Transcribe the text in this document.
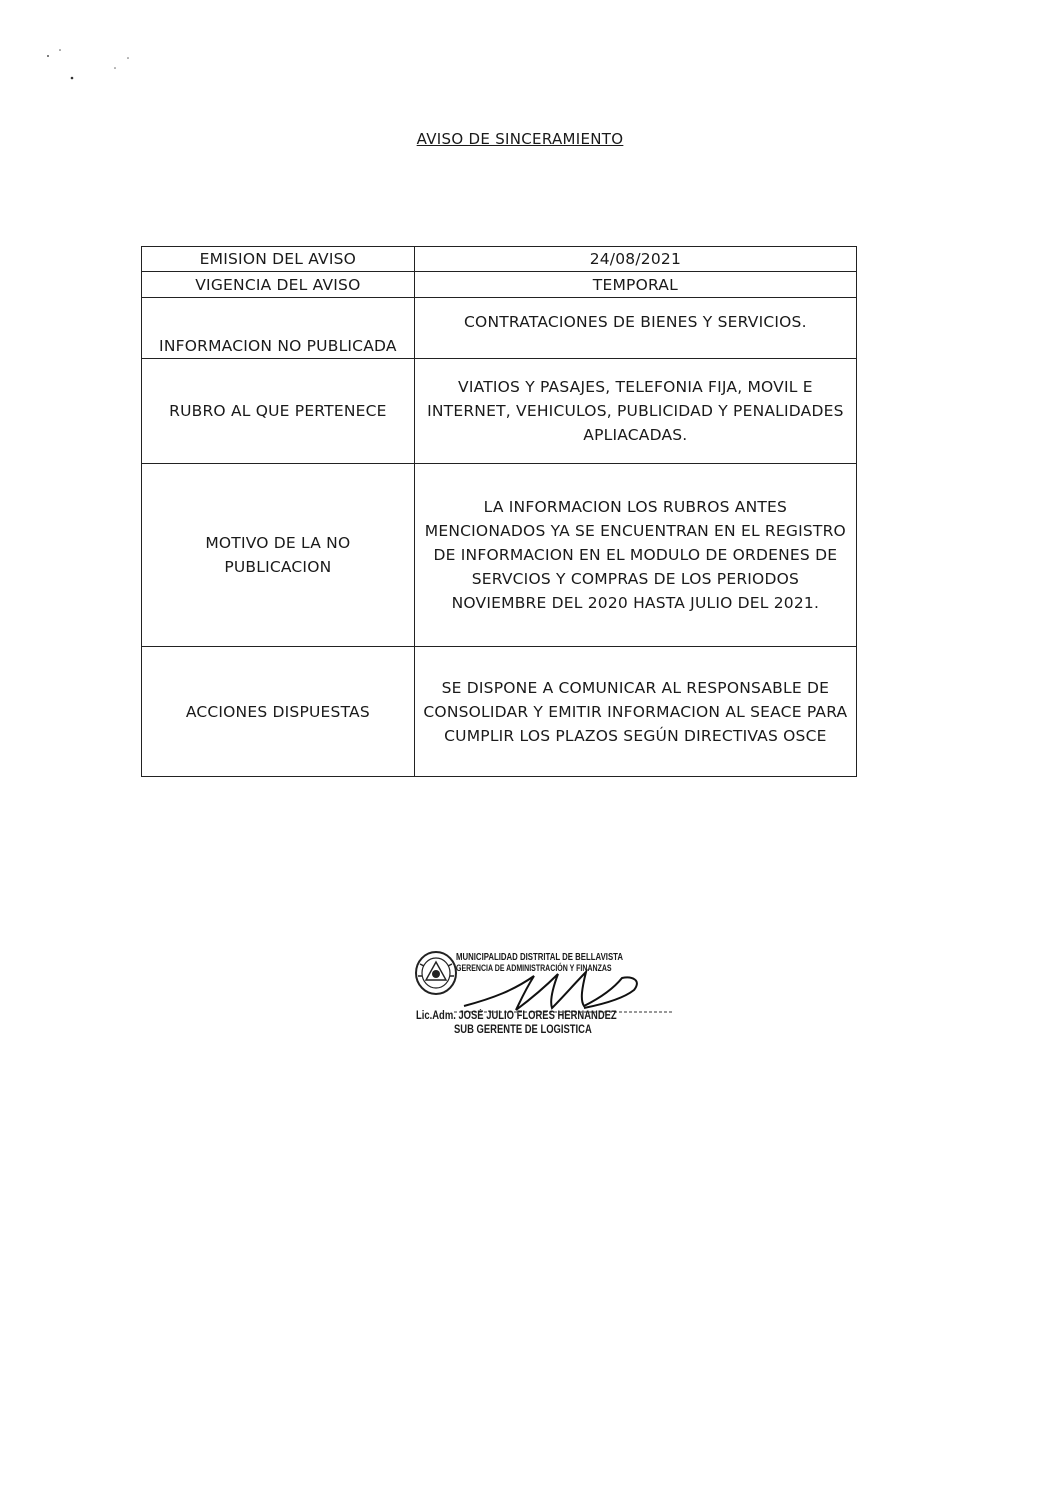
AVISO DE SINCERAMIENTO
EMISION DEL AVISO	24/08/2021
VIGENCIA DEL AVISO	TEMPORAL
INFORMACION NO PUBLICADA	CONTRATACIONES DE BIENES Y SERVICIOS.
RUBRO AL QUE PERTENECE	VIATIOS Y PASAJES, TELEFONIA FIJA, MOVIL E INTERNET, VEHICULOS, PUBLICIDAD Y PENALIDADES APLIACADAS.
MOTIVO DE LA NO PUBLICACION	LA INFORMACION LOS RUBROS ANTES MENCIONADOS YA SE ENCUENTRAN EN EL REGISTRO DE INFORMACION EN EL MODULO DE ORDENES DE SERVCIOS Y COMPRAS DE LOS PERIODOS NOVIEMBRE DEL 2020 HASTA JULIO DEL 2021.
ACCIONES DISPUESTAS	SE DISPONE A COMUNICAR AL RESPONSABLE DE CONSOLIDAR Y EMITIR INFORMACION AL SEACE PARA CUMPLIR LOS PLAZOS SEGÚN DIRECTIVAS OSCE
MUNICIPALIDAD DISTRITAL DE BELLAVISTA
GERENCIA DE ADMINISTRACIÓN Y FINANZAS
Lic.Adm. JOSÉ JULIO FLORES HERNANDEZ
SUB GERENTE DE LOGISTICA
